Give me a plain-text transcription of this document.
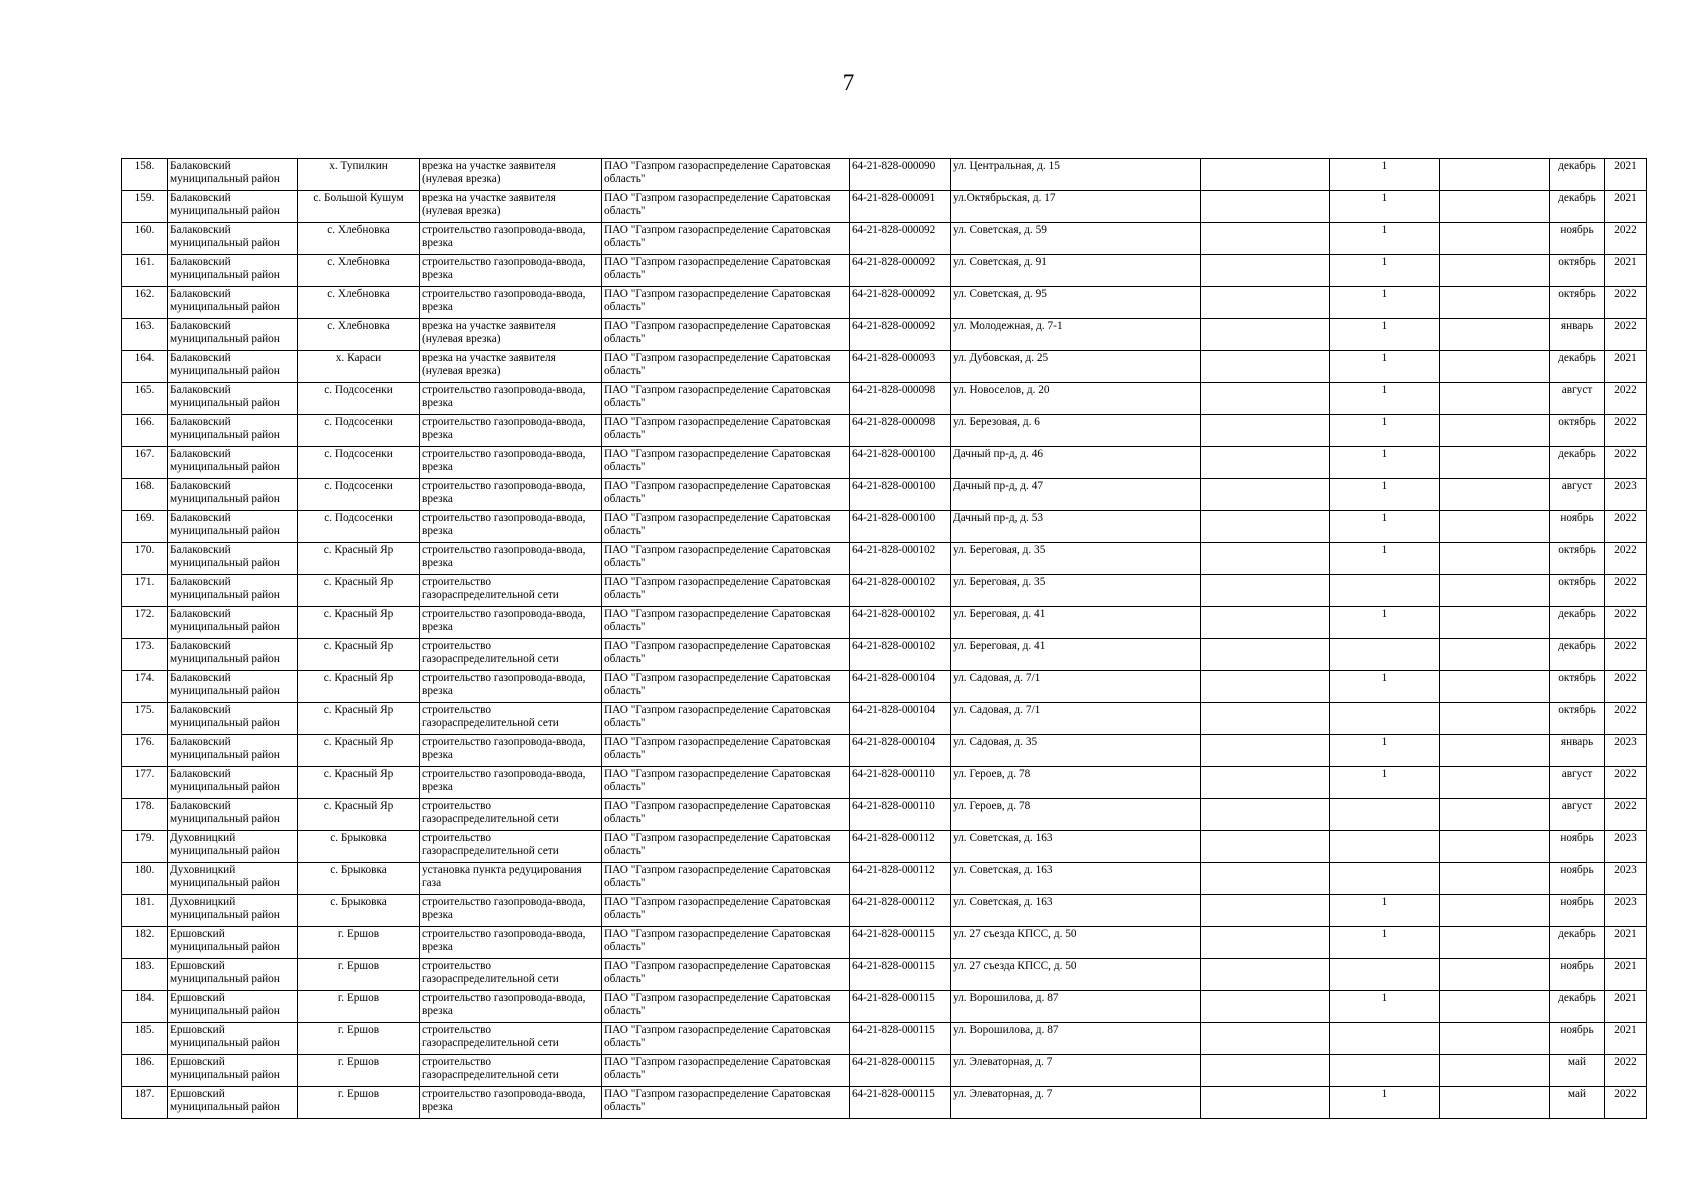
7
158.	Балаковский муниципальный район	х. Тупилкин	врезка на участке заявителя (нулевая врезка)	ПАО "Газпром газораспределение Саратовская область"	64-21-828-000090	ул. Центральная, д. 15		1		декабрь	2021
159.	Балаковский муниципальный район	с. Большой Кушум	врезка на участке заявителя (нулевая врезка)	ПАО "Газпром газораспределение Саратовская область"	64-21-828-000091	ул.Октябрьская, д. 17		1		декабрь	2021
160.	Балаковский муниципальный район	с. Хлебновка	строительство газопровода-ввода, врезка	ПАО "Газпром газораспределение Саратовская область"	64-21-828-000092	ул. Советская, д. 59		1		ноябрь	2022
161.	Балаковский муниципальный район	с. Хлебновка	строительство газопровода-ввода, врезка	ПАО "Газпром газораспределение Саратовская область"	64-21-828-000092	ул. Советская, д. 91		1		октябрь	2021
162.	Балаковский муниципальный район	с. Хлебновка	строительство газопровода-ввода, врезка	ПАО "Газпром газораспределение Саратовская область"	64-21-828-000092	ул. Советская, д. 95		1		октябрь	2022
163.	Балаковский муниципальный район	с. Хлебновка	врезка на участке заявителя (нулевая врезка)	ПАО "Газпром газораспределение Саратовская область"	64-21-828-000092	ул. Молодежная, д. 7-1		1		январь	2022
164.	Балаковский муниципальный район	х. Караси	врезка на участке заявителя (нулевая врезка)	ПАО "Газпром газораспределение Саратовская область"	64-21-828-000093	ул. Дубовская, д. 25		1		декабрь	2021
165.	Балаковский муниципальный район	с. Подсосенки	строительство газопровода-ввода, врезка	ПАО "Газпром газораспределение Саратовская область"	64-21-828-000098	ул. Новоселов, д. 20		1		август	2022
166.	Балаковский муниципальный район	с. Подсосенки	строительство газопровода-ввода, врезка	ПАО "Газпром газораспределение Саратовская область"	64-21-828-000098	ул. Березовая, д. 6		1		октябрь	2022
167.	Балаковский муниципальный район	с. Подсосенки	строительство газопровода-ввода, врезка	ПАО "Газпром газораспределение Саратовская область"	64-21-828-000100	Дачный пр-д, д. 46		1		декабрь	2022
168.	Балаковский муниципальный район	с. Подсосенки	строительство газопровода-ввода, врезка	ПАО "Газпром газораспределение Саратовская область"	64-21-828-000100	Дачный пр-д, д. 47		1		август	2023
169.	Балаковский муниципальный район	с. Подсосенки	строительство газопровода-ввода, врезка	ПАО "Газпром газораспределение Саратовская область"	64-21-828-000100	Дачный пр-д, д. 53		1		ноябрь	2022
170.	Балаковский муниципальный район	с. Красный Яр	строительство газопровода-ввода, врезка	ПАО "Газпром газораспределение Саратовская область"	64-21-828-000102	ул. Береговая, д. 35		1		октябрь	2022
171.	Балаковский муниципальный район	с. Красный Яр	строительство газораспределительной сети	ПАО "Газпром газораспределение Саратовская область"	64-21-828-000102	ул. Береговая, д. 35				октябрь	2022
172.	Балаковский муниципальный район	с. Красный Яр	строительство газопровода-ввода, врезка	ПАО "Газпром газораспределение Саратовская область"	64-21-828-000102	ул. Береговая, д. 41		1		декабрь	2022
173.	Балаковский муниципальный район	с. Красный Яр	строительство газораспределительной сети	ПАО "Газпром газораспределение Саратовская область"	64-21-828-000102	ул. Береговая, д. 41				декабрь	2022
174.	Балаковский муниципальный район	с. Красный Яр	строительство газопровода-ввода, врезка	ПАО "Газпром газораспределение Саратовская область"	64-21-828-000104	ул. Садовая, д. 7/1		1		октябрь	2022
175.	Балаковский муниципальный район	с. Красный Яр	строительство газораспределительной сети	ПАО "Газпром газораспределение Саратовская область"	64-21-828-000104	ул. Садовая, д. 7/1				октябрь	2022
176.	Балаковский муниципальный район	с. Красный Яр	строительство газопровода-ввода, врезка	ПАО "Газпром газораспределение Саратовская область"	64-21-828-000104	ул. Садовая, д. 35		1		январь	2023
177.	Балаковский муниципальный район	с. Красный Яр	строительство газопровода-ввода, врезка	ПАО "Газпром газораспределение Саратовская область"	64-21-828-000110	ул. Героев, д. 78		1		август	2022
178.	Балаковский муниципальный район	с. Красный Яр	строительство газораспределительной сети	ПАО "Газпром газораспределение Саратовская область"	64-21-828-000110	ул. Героев, д. 78				август	2022
179.	Духовницкий муниципальный район	с. Брыковка	строительство газораспределительной сети	ПАО "Газпром газораспределение Саратовская область"	64-21-828-000112	ул. Советская, д. 163				ноябрь	2023
180.	Духовницкий муниципальный район	с. Брыковка	установка пункта редуцирования газа	ПАО "Газпром газораспределение Саратовская область"	64-21-828-000112	ул. Советская, д. 163				ноябрь	2023
181.	Духовницкий муниципальный район	с. Брыковка	строительство газопровода-ввода, врезка	ПАО "Газпром газораспределение Саратовская область"	64-21-828-000112	ул. Советская, д. 163		1		ноябрь	2023
182.	Ершовский муниципальный район	г. Ершов	строительство газопровода-ввода, врезка	ПАО "Газпром газораспределение Саратовская область"	64-21-828-000115	ул. 27 съезда КПСС, д. 50		1		декабрь	2021
183.	Ершовский муниципальный район	г. Ершов	строительство газораспределительной сети	ПАО "Газпром газораспределение Саратовская область"	64-21-828-000115	ул. 27 съезда КПСС, д. 50				ноябрь	2021
184.	Ершовский муниципальный район	г. Ершов	строительство газопровода-ввода, врезка	ПАО "Газпром газораспределение Саратовская область"	64-21-828-000115	ул. Ворошилова, д. 87		1		декабрь	2021
185.	Ершовский муниципальный район	г. Ершов	строительство газораспределительной сети	ПАО "Газпром газораспределение Саратовская область"	64-21-828-000115	ул. Ворошилова, д. 87				ноябрь	2021
186.	Ершовский муниципальный район	г. Ершов	строительство газораспределительной сети	ПАО "Газпром газораспределение Саратовская область"	64-21-828-000115	ул. Элеваторная, д. 7				май	2022
187.	Ершовский муниципальный район	г. Ершов	строительство газопровода-ввода, врезка	ПАО "Газпром газораспределение Саратовская область"	64-21-828-000115	ул. Элеваторная, д. 7		1		май	2022
